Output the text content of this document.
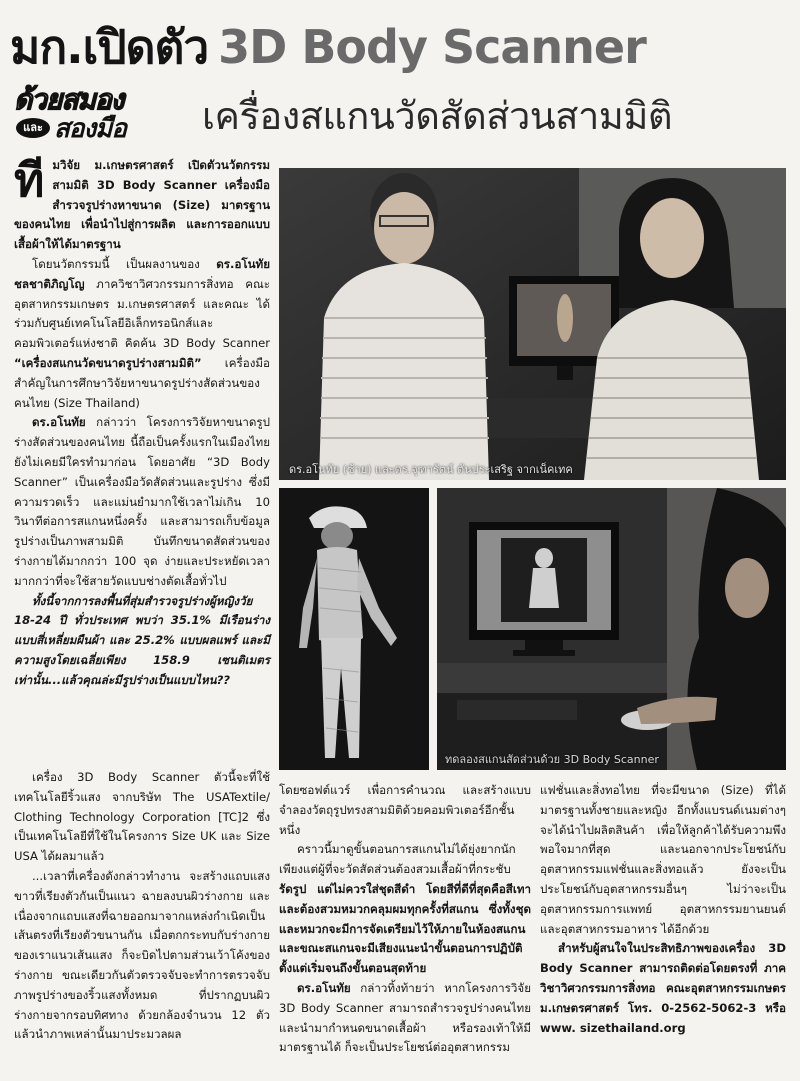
มก.เปิดตัว 3D Body Scanner
ด้วยสมอง
และ สองมือ เครื่องสแกนวัดสัดส่วนสามมิติ

ทีมวิจัย ม.เกษตรศาสตร์ เปิดตัวนวัตกรรมสามมิติ 3D Body Scanner เครื่องมือสำรวจรูปร่างหาขนาด (Size) มาตรฐานของคนไทย เพื่อนำไปสู่การผลิต และการออกแบบเสื้อผ้าให้ได้มาตรฐาน

โดยนวัตกรรมนี้ เป็นผลงานของ ดร.อโนทัย ชลชาติภิญโญ ภาควิชาวิศวกรรมการสิ่งทอ คณะอุตสาหกรรมเกษตร ม.เกษตรศาสตร์ และคณะ ได้ร่วมกับศูนย์เทคโนโลยีอิเล็กทรอนิกส์และคอมพิวเตอร์แห่งชาติ คิดค้น 3D Body Scanner “เครื่องสแกนวัดขนาดรูปร่างสามมิติ” เครื่องมือสำคัญในการศึกษาวิจัยหาขนาดรูปร่างสัดส่วนของคนไทย (Size Thailand)

ดร.อโนทัย กล่าวว่า โครงการวิจัยหาขนาดรูปร่างสัดส่วนของคนไทย นี้ถือเป็นครั้งแรกในเมืองไทยยังไม่เคยมีใครทำมาก่อน โดยอาศัย “3D Body Scanner” เป็นเครื่องมือวัดสัดส่วนและรูปร่าง ซึ่งมีความรวดเร็ว และแม่นยำมากใช้เวลาไม่เกิน 10 วินาทีต่อการสแกนหนึ่งครั้ง และสามารถเก็บข้อมูลรูปร่างเป็นภาพสามมิติ บันทึกขนาดสัดส่วนของร่างกายได้มากกว่า 100 จุด ง่ายและประหยัดเวลามากกว่าที่จะใช้สายวัดแบบช่างตัดเสื้อทั่วไป

ทั้งนี้จากการลงพื้นที่สุ่มสำรวจรูปร่างผู้หญิงวัย 18-24 ปี ทั่วประเทศ พบว่า 35.1% มีเรือนร่างแบบสี่เหลี่ยมผืนผ้า และ 25.2% แบบผลแพร์ และมีความสูงโดยเฉลี่ยเพียง 158.9 เซนติเมตร เท่านั้น...แล้วคุณล่ะมีรูปร่างเป็นแบบไหน??

ดร.อโนทัย (ซ้าย) และดร.จุฑารัตน์ ตันประเสริฐ จากเน็คเทค
ทดลองสแกนสัดส่วนด้วย 3D Body Scanner

เครื่อง 3D Body Scanner ตัวนี้จะที่ใช้เทคโนโลยีริ้วแสง จากบริษัท The USATextile/ Clothing Technology Corporation [TC]2 ซึ่งเป็นเทคโนโลยีที่ใช้ในโครงการ Size UK และ Size USA ได้ผลมาแล้ว

...เวลาที่เครื่องดังกล่าวทำงาน จะสร้างแถบแสงขาวที่เรียงตัวกันเป็นแนว ฉายลงบนผิวร่างกาย และเนื่องจากแถบแสงที่ฉายออกมาจากแหล่งกำเนิดเป็นเส้นตรงที่เรียงตัวขนานกัน เมื่อตกกระทบกับร่างกายของเราแนวเส้นแสง ก็จะบิดไปตามส่วนเว้าโค้งของร่างกาย ขณะเดียวกันตัวตรวจจับจะทำการตรวจจับภาพรูปร่างของริ้วแสงทั้งหมด ที่ปรากฏบนผิวร่างกายจากรอบทิศทาง ด้วยกล้องจำนวน 12 ตัว แล้วนำภาพเหล่านั้นมาประมวลผล

โดยซอฟต์แวร์ เพื่อการคำนวณ และสร้างแบบจำลองวัตถุรูปทรงสามมิติด้วยคอมพิวเตอร์อีกชั้นหนึ่ง

คราวนี้มาดูขั้นตอนการสแกนไม่ได้ยุ่งยากนัก เพียงแต่ผู้ที่จะวัดสัดส่วนต้องสวมเสื้อผ้าที่กระชับ

รัดรูป แต่ไม่ควรใส่ชุดสีดำ โดยสีที่ดีที่สุดคือสีเทา และต้องสวมหมวกคลุมผมทุกครั้งที่สแกน ซึ่งทั้งชุดและหมวกจะมีการจัดเตรียมไว้ให้ภายในห้องสแกน และขณะสแกนจะมีเสียงแนะนำขั้นตอนการปฏิบัติ ตั้งแต่เริ่มจนถึงขั้นตอนสุดท้าย

ดร.อโนทัย กล่าวทิ้งท้ายว่า หากโครงการวิจัย 3D Body Scanner สามารถสำรวจรูปร่างคนไทย และนำมากำหนดขนาดเสื้อผ้า หรือรองเท้าให้มีมาตรฐานได้ ก็จะเป็นประโยชน์ต่ออุตสาหกรรม

แฟชั่นและสิ่งทอไทย ที่จะมีขนาด (Size) ที่ได้มาตรฐานทั้งชายและหญิง อีกทั้งแบรนด์เนมต่างๆ จะได้นำไปผลิตสินค้า เพื่อให้ลูกค้าได้รับความพึงพอใจมากที่สุด และนอกจากประโยชน์กับอุตสาหกรรมแฟชั่นและสิ่งทอแล้ว ยังจะเป็นประโยชน์กับอุตสาหกรรมอื่นๆ ไม่ว่าจะเป็นอุตสาหกรรมการแพทย์ อุตสาหกรรมยานยนต์ และอุตสาหกรรมอาหาร ได้อีกด้วย

สำหรับผู้สนใจในประสิทธิภาพของเครื่อง 3D Body Scanner สามารถติดต่อโดยตรงที่ ภาควิชาวิศวกรรมการสิ่งทอ คณะอุตสาหกรรมเกษตร ม.เกษตรศาสตร์ โทร. 0-2562-5062-3 หรือ www. sizethailand.org
